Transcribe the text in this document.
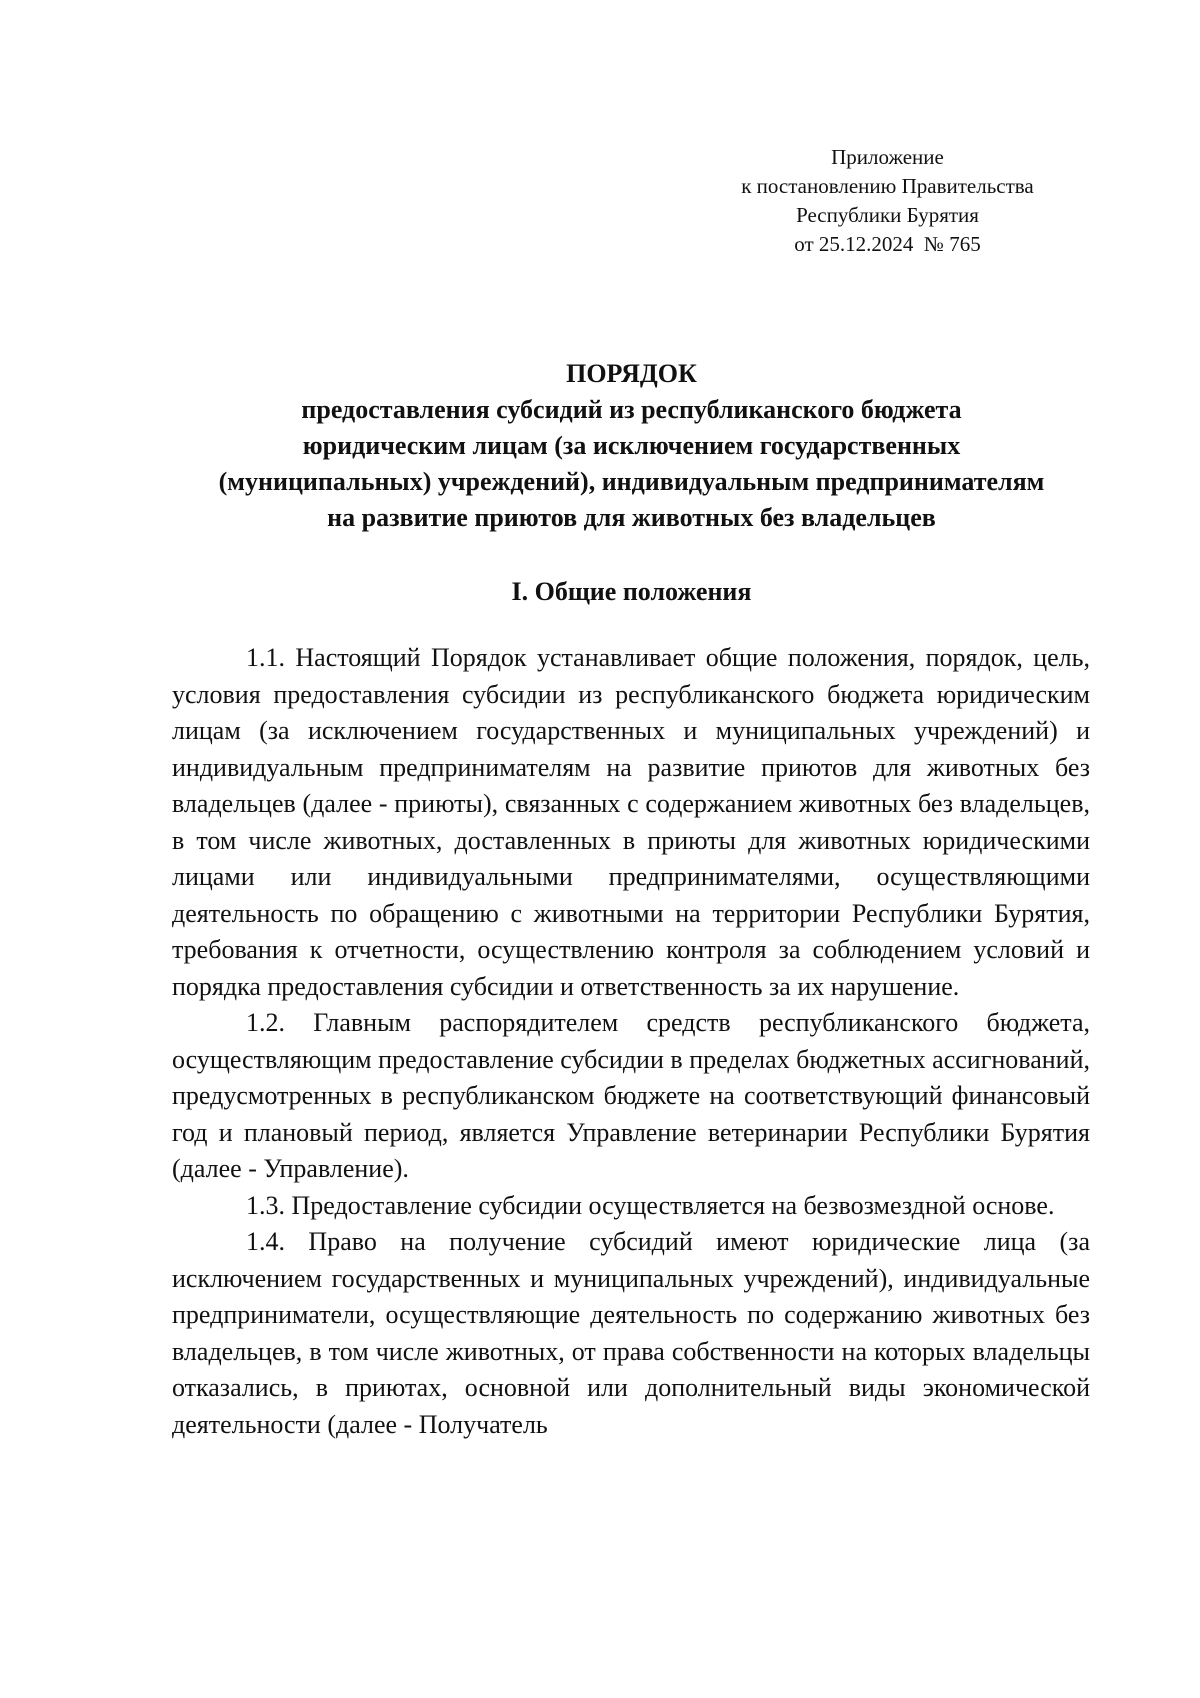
Приложение
к постановлению Правительства
Республики Бурятия
от 25.12.2024  № 765
ПОРЯДОК
предоставления субсидий из республиканского бюджета
юридическим лицам (за исключением государственных
(муниципальных) учреждений), индивидуальным предпринимателям
на развитие приютов для животных без владельцев
I. Общие положения

1.1. Настоящий Порядок устанавливает общие положения, порядок, цель, условия предоставления субсидии из республиканского бюджета юридическим лицам (за исключением государственных и муниципальных учреждений) и индивидуальным предпринимателям на развитие приютов для животных без владельцев (далее - приюты), связанных с содержанием животных без владельцев, в том числе животных, доставленных в приюты для животных юридическими лицами или индивидуальными предпринимателями, осуществляющими деятельность по обращению с животными на территории Республики Бурятия, требования к отчетности, осуществлению контроля за соблюдением условий и порядка предоставления субсидии и ответственность за их нарушение.

1.2. Главным распорядителем средств республиканского бюджета, осуществляющим предоставление субсидии в пределах бюджетных ассигнований, предусмотренных в республиканском бюджете на соответствующий финансовый год и плановый период, является Управление ветеринарии Республики Бурятия (далее - Управление).

1.3. Предоставление субсидии осуществляется на безвозмездной основе.

1.4. Право на получение субсидий имеют юридические лица (за исключением государственных и муниципальных учреждений), индивидуальные предприниматели, осуществляющие деятельность по содержанию животных без владельцев, в том числе животных, от права собственности на которых владельцы отказались, в приютах, основной или дополнительный виды экономической деятельности (далее - Получатель
